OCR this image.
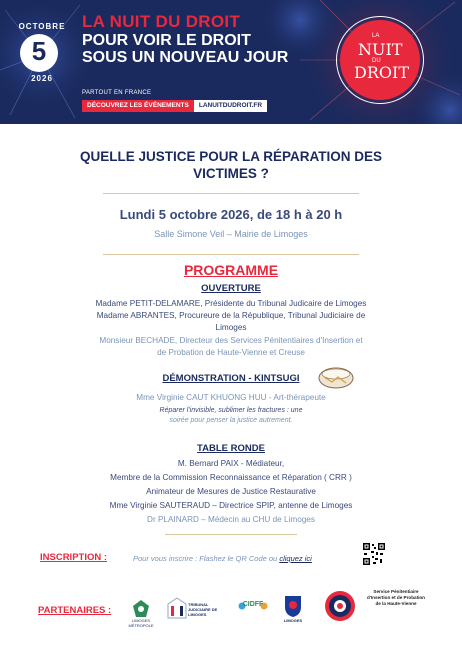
OCTOBRE
5
2026
LA NUIT DU DROIT
POUR VOIR LE DROIT
SOUS UN NOUVEAU JOUR
PARTOUT EN FRANCE
DÉCOUVREZ LES ÉVÉNEMENTS	LANUITDUDROIT.FR
LA
NUIT
DU
DROIT
QUELLE JUSTICE POUR LA RÉPARATION DES
VICTIMES ?
Lundi 5 octobre 2026, de 18 h à 20 h
Salle Simone Veil – Mairie de Limoges
PROGRAMME
OUVERTURE
Madame PETIT-DELAMARE, Présidente du Tribunal Judicaire de Limoges
Madame ABRANTES, Procureure de la République, Tribunal Judiciaire de
Limoges
Monsieur BECHADE, Directeur des Services Pénitentiaires d'Insertion et
de Probation de Haute-Vienne et Creuse
DÉMONSTRATION - KINTSUGI
Mme Virginie CAUT KHUONG HUU - Art-thérapeute
Réparer l'invisible, sublimer les fractures : une
soirée pour penser la justice autrement.
TABLE RONDE
M. Bernard PAIX - Médiateur,
Membre de la Commission Reconnaissance et Réparation ( CRR )
Animateur de Mesures de Justice Restaurative
Mme Virginie SAUTERAUD – Directrice SPIP, antenne de Limoges
Dr PLAINARD – Médecin au CHU de Limoges
INSCRIPTION :	Pour vous inscrire : Flashez le QR Code ou cliquez ici
PARTENAIRES :
LIMOGES MÉTROPOLE
TRIBUNAL JUDICIAIRE DE LIMOGES
CIDFF
LIMOGES
Service Pénitentiaire d'Insertion et de Probation de la Haute-Vienne
